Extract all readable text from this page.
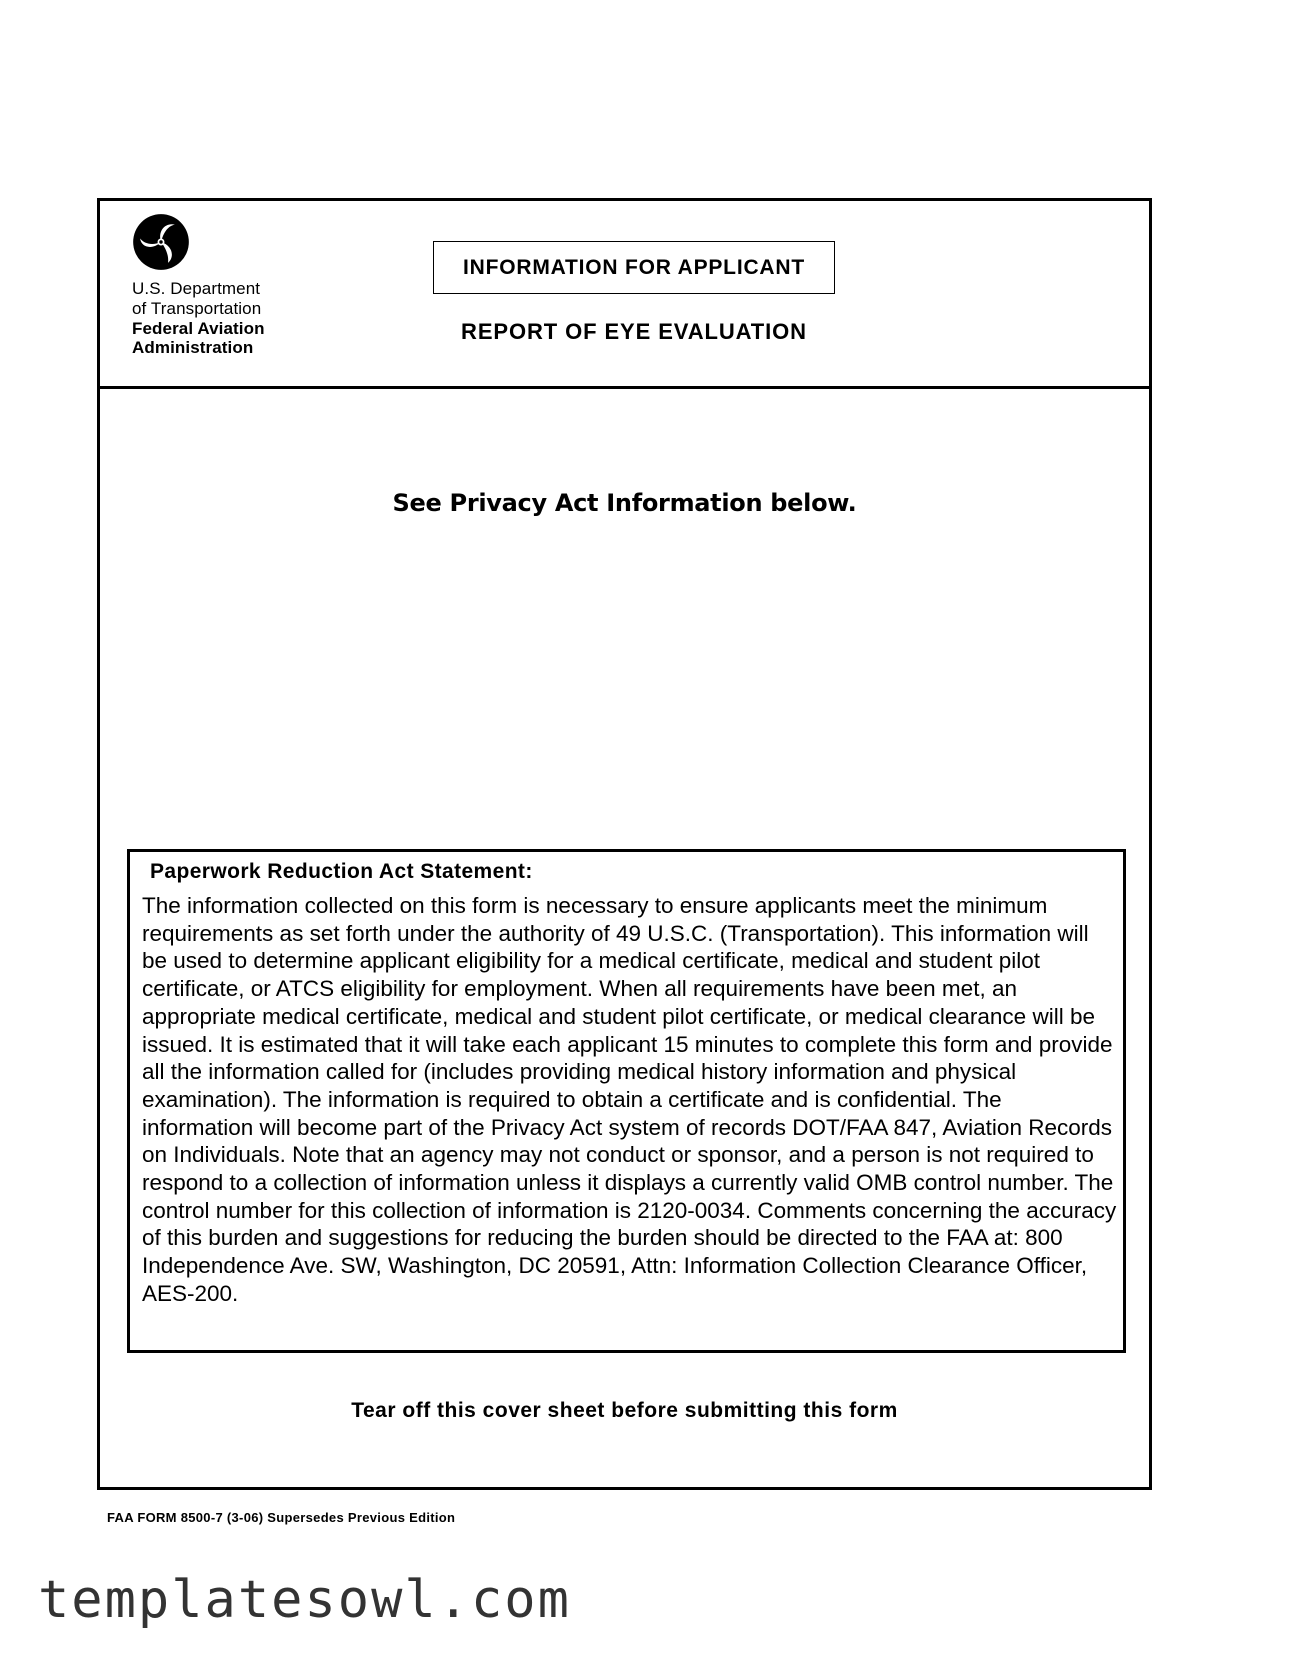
U.S. Department
of Transportation
Federal Aviation
Administration
INFORMATION FOR APPLICANT
REPORT OF EYE EVALUATION
See Privacy Act Information below.
Paperwork Reduction Act Statement:
The information collected on this form is necessary to ensure applicants meet the minimum requirements as set forth under the authority of 49 U.S.C. (Transportation). This information will be used to determine applicant eligibility for a medical certificate, medical and student pilot certificate, or ATCS eligibility for employment. When all requirements have been met, an appropriate medical certificate, medical and student pilot certificate, or medical clearance will be issued. It is estimated that it will take each applicant 15 minutes to complete this form and provide all the information called for (includes providing medical history information and physical examination). The information is required to obtain a certificate and is confidential. The information will become part of the Privacy Act system of records DOT/FAA 847, Aviation Records on Individuals. Note that an agency may not conduct or sponsor, and a person is not required to respond to a collection of information unless it displays a currently valid OMB control number. The control number for this collection of information is 2120-0034. Comments concerning the accuracy of this burden and suggestions for reducing the burden should be directed to the FAA at: 800 Independence Ave. SW, Washington, DC 20591, Attn: Information Collection Clearance Officer, AES-200.
Tear off this cover sheet before submitting this form
FAA FORM 8500-7 (3-06) Supersedes Previous Edition
templatesowl.com
